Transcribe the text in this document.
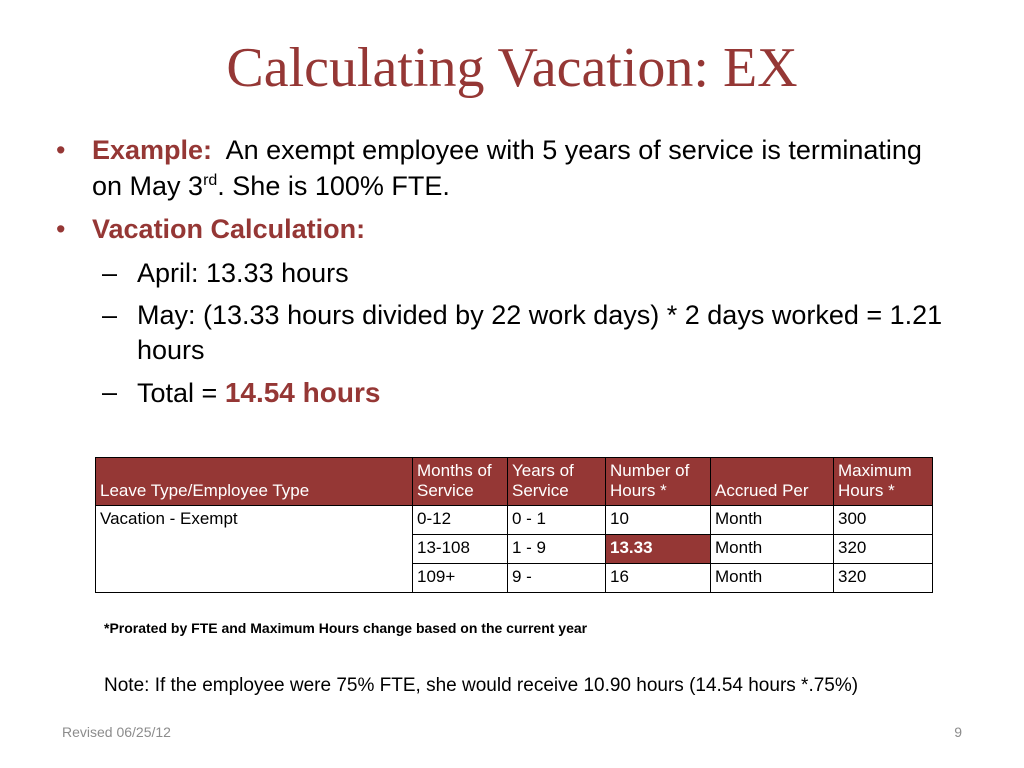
Calculating Vacation: EX
• Example: An exempt employee with 5 years of service is terminating on May 3rd. She is 100% FTE.
• Vacation Calculation:
– April: 13.33 hours
– May: (13.33 hours divided by 22 work days) * 2 days worked = 1.21 hours
– Total = 14.54 hours
Leave Type/Employee Type	Months of Service	Years of Service	Number of Hours *	Accrued Per	Maximum Hours *
Vacation - Exempt	0-12	0 - 1	10	Month	300
	13-108	1 - 9	13.33	Month	320
	109+	9 -	16	Month	320
*Prorated by FTE and Maximum Hours change based on the current year
Note: If the employee were 75% FTE, she would receive 10.90 hours (14.54 hours *.75%)
Revised 06/25/12	9
